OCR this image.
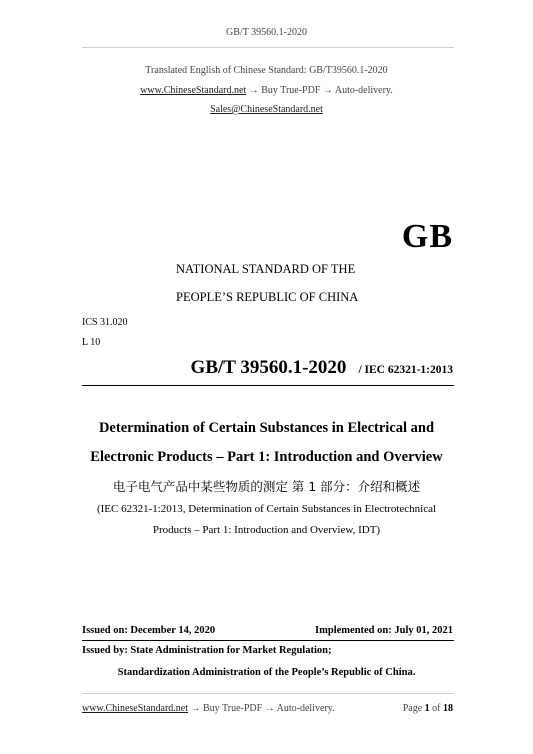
GB/T 39560.1-2020
Translated English of Chinese Standard: GB/T39560.1-2020
www.ChineseStandard.net → Buy True-PDF → Auto-delivery.
Sales@ChineseStandard.net
GB
NATIONAL STANDARD OF THE
PEOPLE’S REPUBLIC OF CHINA
ICS 31.020
L 10
GB/T 39560.1-2020 / IEC 62321-1:2013
Determination of Certain Substances in Electrical and
Electronic Products – Part 1: Introduction and Overview
电子电气产品中某些物质的测定 第 1 部分：介绍和概述
(IEC 62321-1:2013, Determination of Certain Substances in Electrotechnical
Products – Part 1: Introduction and Overview, IDT)
Issued on: December 14, 2020	Implemented on: July 01, 2021
Issued by: State Administration for Market Regulation;
Standardization Administration of the People’s Republic of China.
www.ChineseStandard.net → Buy True-PDF → Auto-delivery.	Page 1 of 18
